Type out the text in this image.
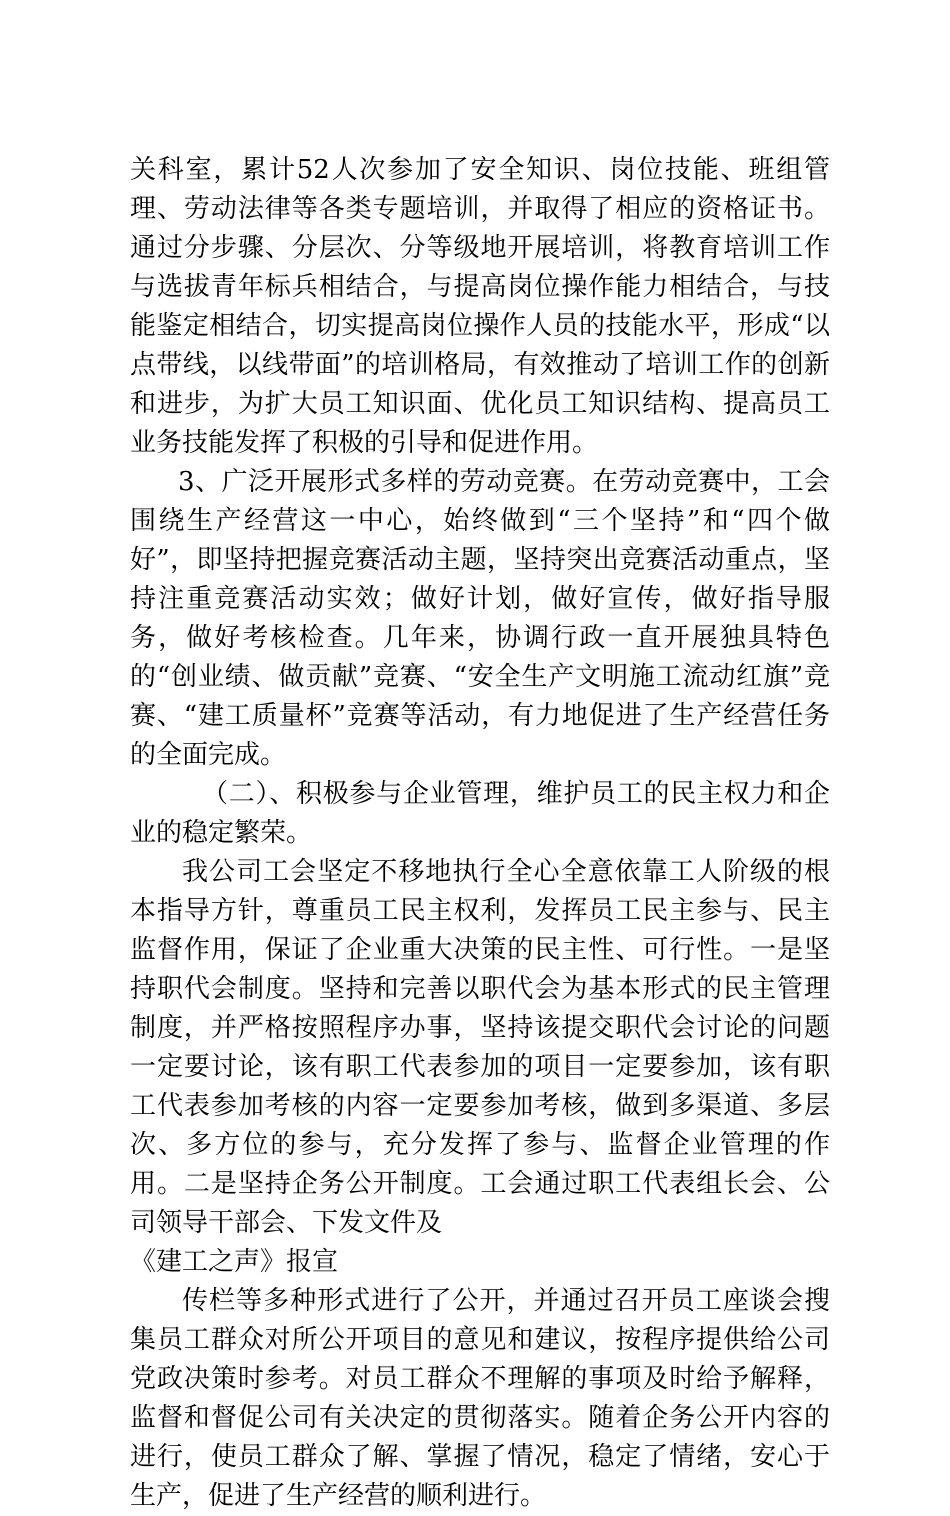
关科室，累计52人次参加了安全知识、岗位技能、班组管理、劳动法律等各类专题培训，并取得了相应的资格证书。通过分步骤、分层次、分等级地开展培训，将教育培训工作与选拔青年标兵相结合，与提高岗位操作能力相结合，与技能鉴定相结合，切实提高岗位操作人员的技能水平，形成“以点带线，以线带面”的培训格局，有效推动了培训工作的创新和进步，为扩大员工知识面、优化员工知识结构、提高员工业务技能发挥了积极的引导和促进作用。

3、广泛开展形式多样的劳动竞赛。在劳动竞赛中，工会围绕生产经营这一中心，始终做到“三个坚持”和“四个做好”，即坚持把握竞赛活动主题，坚持突出竞赛活动重点，坚持注重竞赛活动实效；做好计划，做好宣传，做好指导服务，做好考核检查。几年来，协调行政一直开展独具特色的“创业绩、做贡献”竞赛、“安全生产文明施工流动红旗”竞赛、“建工质量杯”竞赛等活动，有力地促进了生产经营任务的全面完成。

（二）、积极参与企业管理，维护员工的民主权力和企业的稳定繁荣。

我公司工会坚定不移地执行全心全意依靠工人阶级的根本指导方针，尊重员工民主权利，发挥员工民主参与、民主监督作用，保证了企业重大决策的民主性、可行性。一是坚持职代会制度。坚持和完善以职代会为基本形式的民主管理制度，并严格按照程序办事，坚持该提交职代会讨论的问题一定要讨论，该有职工代表参加的项目一定要参加，该有职工代表参加考核的内容一定要参加考核，做到多渠道、多层次、多方位的参与，充分发挥了参与、监督企业管理的作用。二是坚持企务公开制度。工会通过职工代表组长会、公司领导干部会、下发文件及

《建工之声》报宣

传栏等多种形式进行了公开，并通过召开员工座谈会搜集员工群众对所公开项目的意见和建议，按程序提供给公司党政决策时参考。对员工群众不理解的事项及时给予解释，监督和督促公司有关决定的贯彻落实。随着企务公开内容的进行，使员工群众了解、掌握了情况，稳定了情绪，安心于生产，促进了生产经营的顺利进行。
